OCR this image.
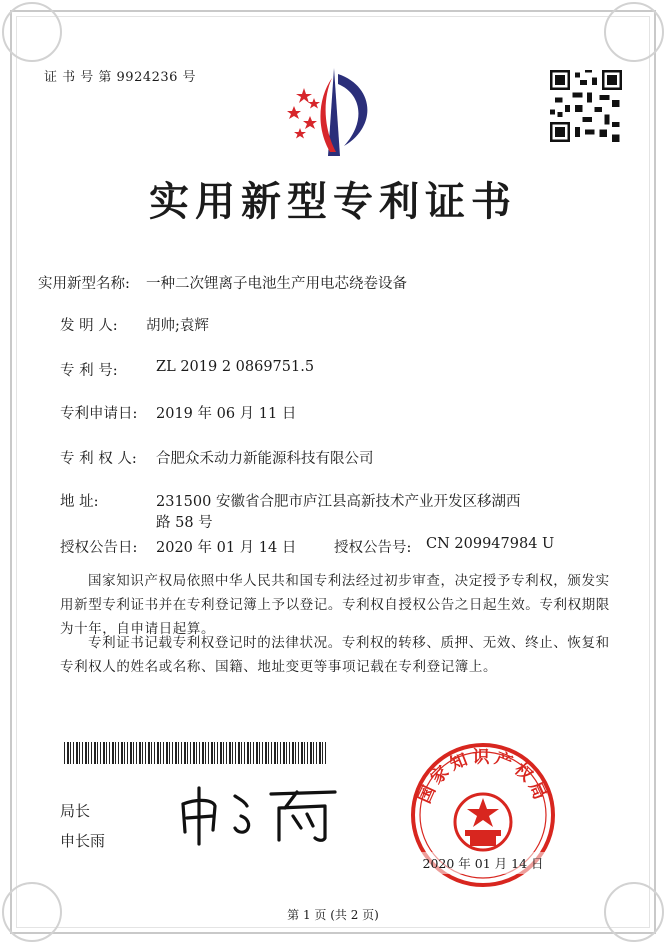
证 书 号 第 9924236 号
实用新型专利证书
实用新型名称: 一种二次锂离子电池生产用电芯绕卷设备
发 明 人: 胡帅;袁辉
专 利 号:	ZL 2019 2 0869751.5
专利申请日: 2019 年 06 月 11 日
专 利 权 人: 合肥众禾动力新能源科技有限公司
地 址:	231500 安徽省合肥市庐江县高新技术产业开发区移湖西
路 58 号
授权公告日: 2020 年 01 月 14 日	授权公告号: CN 209947984 U
国家知识产权局依照中华人民共和国专利法经过初步审查，决定授予专利权，颁发实用新型专利证书并在专利登记簿上予以登记。专利权自授权公告之日起生效。专利权期限为十年，自申请日起算。
专利证书记载专利权登记时的法律状况。专利权的转移、质押、无效、终止、恢复和专利权人的姓名或名称、国籍、地址变更等事项记载在专利登记簿上。
局长
申长雨
国家知识产权局
2020 年 01 月 14 日
第 1 页 (共 2 页)
